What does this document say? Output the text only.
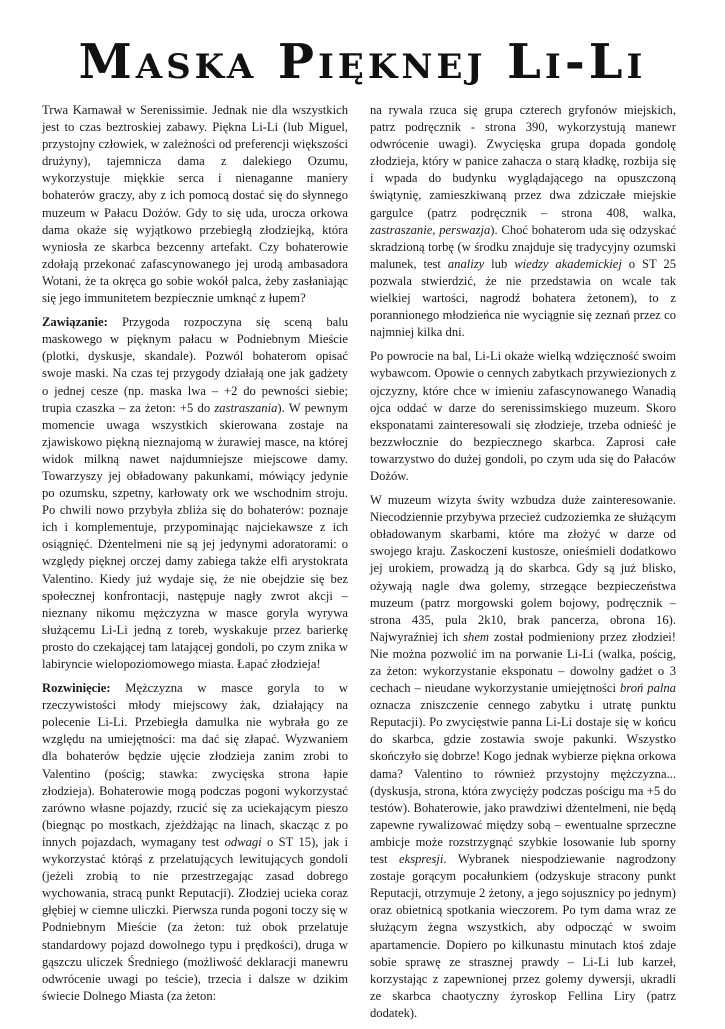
Maska Pięknej Li-Li

Trwa Karnawał w Serenissimie. Jednak nie dla wszystkich jest to czas beztroskiej zabawy. Piękna Li-Li (lub Miguel, przystojny człowiek, w zależności od preferencji większości drużyny), tajemnicza dama z dalekiego Ozumu, wykorzystuje miękkie serca i nienaganne maniery bohaterów graczy, aby z ich pomocą dostać się do słynnego muzeum w Pałacu Dożów. Gdy to się uda, urocza orkowa dama okaże się wyjątkowo przebiegłą złodziejką, która wyniosła ze skarbca bezcenny artefakt. Czy bohaterowie zdołają przekonać zafascynowanego jej urodą ambasadora Wotani, że ta okręca go sobie wokół palca, żeby zasłaniając się jego immunitetem bezpiecznie umknąć z łupem?

Zawiązanie: Przygoda rozpoczyna się sceną balu maskowego w pięknym pałacu w Podniebnym Mieście (plotki, dyskusje, skandale). Pozwól bohaterom opisać swoje maski. Na czas tej przygody działają one jak gadżety o jednej cesze (np. maska lwa – +2 do pewności siebie; trupia czaszka – za żeton: +5 do zastraszania). W pewnym momencie uwaga wszystkich skierowana zostaje na zjawiskowo piękną nieznajomą w żurawiej masce, na której widok milkną nawet najdumniejsze miejscowe damy. Towarzyszy jej obładowany pakunkami, mówiący jedynie po ozumsku, szpetny, karłowaty ork we wschodnim stroju. Po chwili nowo przybyła zbliża się do bohaterów: poznaje ich i komplementuje, przypominając najciekawsze z ich osiągnięć. Dżentelmeni nie są jej jedynymi adoratorami: o względy pięknej orczej damy zabiega także elfi arystokrata Valentino. Kiedy już wydaje się, że nie obejdzie się bez społecznej konfrontacji, następuje nagły zwrot akcji – nieznany nikomu mężczyzna w masce goryla wyrywa służącemu Li-Li jedną z toreb, wyskakuje przez barierkę prosto do czekającej tam latającej gondoli, po czym znika w labiryncie wielopoziomowego miasta. Łapać złodzieja!

Rozwinięcie: Mężczyzna w masce goryla to w rzeczywistości młody miejscowy żak, działający na polecenie Li-Li. Przebiegła damulka nie wybrała go ze względu na umiejętności: ma dać się złapać. Wyzwaniem dla bohaterów będzie ujęcie złodzieja zanim zrobi to Valentino (pościg; stawka: zwycięska strona łapie złodzieja). Bohaterowie mogą podczas pogoni wykorzystać zarówno własne pojazdy, rzucić się za uciekającym pieszo (biegnąc po mostkach, zjeżdżając na linach, skacząc z po innych pojazdach, wymagany test odwagi o ST 15), jak i wykorzystać którąś z przelatujących lewitujących gondoli (jeżeli zrobią to nie przestrzegając zasad dobrego wychowania, stracą punkt Reputacji). Złodziej ucieka coraz głębiej w ciemne uliczki. Pierwsza runda pogoni toczy się w Podniebnym Mieście (za żeton: tuż obok przelatuje standardowy pojazd dowolnego typu i prędkości), druga w gąszczu uliczek Średniego (możliwość deklaracji manewru odwrócenie uwagi po teście), trzecia i dalsze w dzikim świecie Dolnego Miasta (za żeton:

na rywala rzuca się grupa czterech gryfonów miejskich, patrz podręcznik - strona 390, wykorzystują manewr odwrócenie uwagi). Zwycięska grupa dopada gondolę złodzieja, który w panice zahacza o starą kładkę, rozbija się i wpada do budynku wyglądającego na opuszczoną świątynię, zamieszkiwaną przez dwa zdziczałe miejskie gargulce (patrz podręcznik – strona 408, walka, zastraszanie, perswazja). Choć bohaterom uda się odzyskać skradzioną torbę (w środku znajduje się tradycyjny ozumski malunek, test analizy lub wiedzy akademickiej o ST 25 pozwala stwierdzić, że nie przedstawia on wcale tak wielkiej wartości, nagrodź bohatera żetonem), to z porannionego młodzieńca nie wyciągnie się zeznań przez co najmniej kilka dni.

Po powrocie na bal, Li-Li okaże wielką wdzięczność swoim wybawcom. Opowie o cennych zabytkach przywiezionych z ojczyzny, które chce w imieniu zafascynowanego Wanadią ojca oddać w darze do serenissimskiego muzeum. Skoro eksponatami zainteresowali się złodzieje, trzeba odnieść je bezzwłocznie do bezpiecznego skarbca. Zaprosi całe towarzystwo do dużej gondoli, po czym uda się do Pałaców Dożów.

W muzeum wizyta świty wzbudza duże zainteresowanie. Niecodziennie przybywa przecież cudzoziemka ze służącym obładowanym skarbami, które ma złożyć w darze od swojego kraju. Zaskoczeni kustosze, onieśmieli dodatkowo jej urokiem, prowadzą ją do skarbca. Gdy są już blisko, ożywają nagle dwa golemy, strzegące bezpieczeństwa muzeum (patrz morgowski golem bojowy, podręcznik – strona 435, pula 2k10, brak pancerza, obrona 16). Najwyraźniej ich shem został podmieniony przez złodziei! Nie można pozwolić im na porwanie Li-Li (walka, pościg, za żeton: wykorzystanie eksponatu – dowolny gadżet o 3 cechach – nieudane wykorzystanie umiejętności broń palna oznacza zniszczenie cennego zabytku i utratę punktu Reputacji). Po zwycięstwie panna Li-Li dostaje się w końcu do skarbca, gdzie zostawia swoje pakunki. Wszystko skończyło się dobrze! Kogo jednak wybierze piękna orkowa dama? Valentino to również przystojny mężczyzna... (dyskusja, strona, która zwycięży podczas pościgu ma +5 do testów). Bohaterowie, jako prawdziwi dżentelmeni, nie będą zapewne rywalizować między sobą – ewentualne sprzeczne ambicje może rozstrzygnąć szybkie losowanie lub sporny test ekspresji. Wybranek niespodziewanie nagrodzony zostaje gorącym pocałunkiem (odzyskuje stracony punkt Reputacji, otrzymuje 2 żetony, a jego sojusznicy po jednym) oraz obietnicą spotkania wieczorem. Po tym dama wraz ze służącym żegna wszystkich, aby odpocząć w swoim apartamencie. Dopiero po kilkunastu minutach ktoś zdaje sobie sprawę ze strasznej prawdy – Li-Li lub karzeł, korzystając z zapewnionej przez golemy dywersji, ukradli ze skarbca chaotyczny żyroskop Fellina Liry (patrz dodatek).
